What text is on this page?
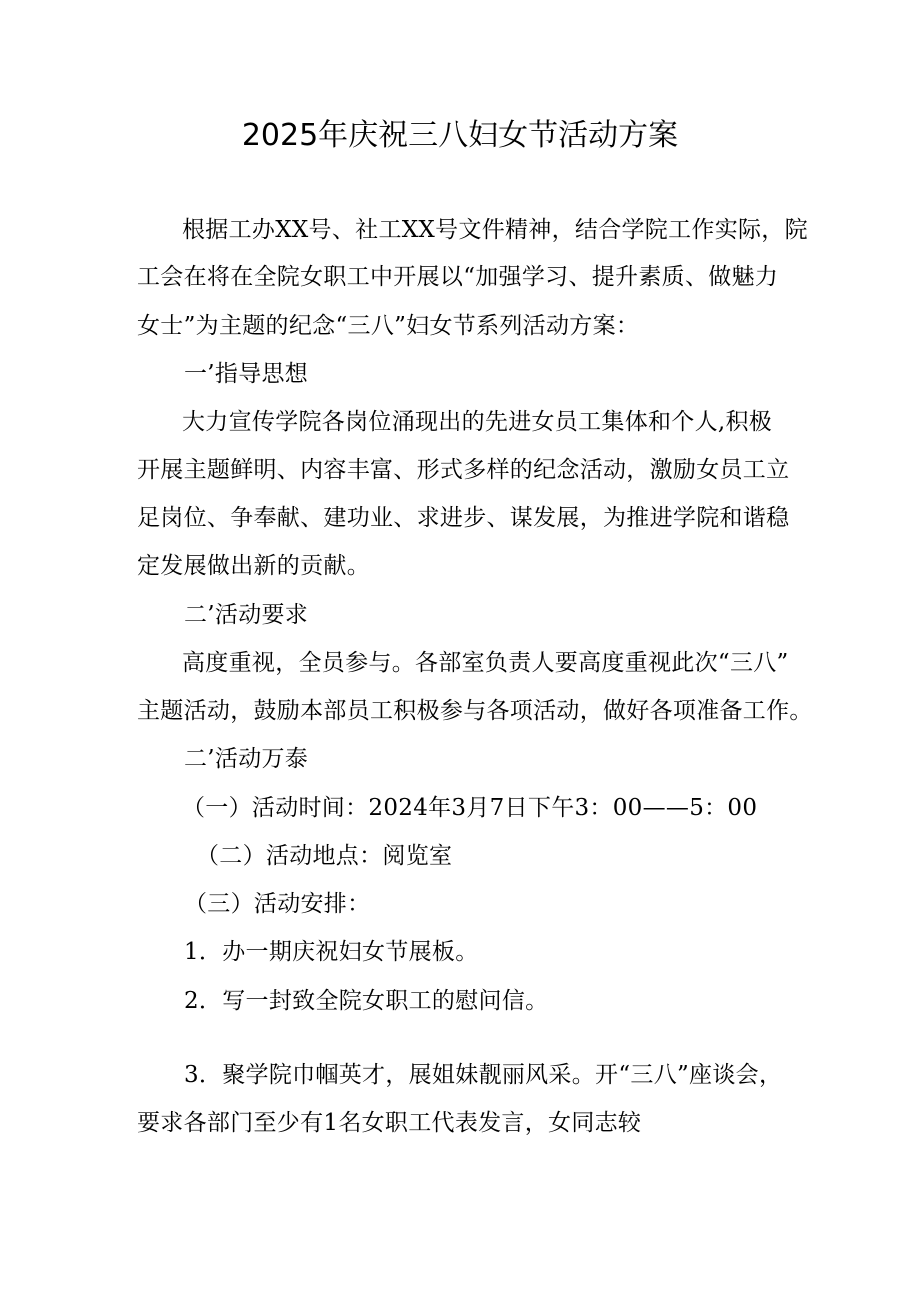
2025年庆祝三八妇女节活动方案
根据工办XX号、社工XX号文件精神，结合学院工作实际，院
工会在将在全院女职工中开展以“加强学习、提升素质、做魅力
女士”为主题的纪念“三八”妇女节系列活动方案：
一’指导思想
大力宣传学院各岗位涌现出的先进女员工集体和个人,积极
开展主题鲜明、内容丰富、形式多样的纪念活动，激励女员工立
足岗位、争奉献、建功业、求进步、谋发展，为推进学院和谐稳
定发展做出新的贡献。
二’活动要求
高度重视，全员参与。各部室负责人要高度重视此次“三八”
主题活动，鼓励本部员工积极参与各项活动，做好各项准备工作。
二’活动万泰
（一）活动时间：2024年3月7日下午3：00——5：00
（二）活动地点：阅览室
（三）活动安排：
1．办一期庆祝妇女节展板。
2．写一封致全院女职工的慰问信。
3．聚学院巾帼英才，展姐妹靓丽风采。开“三八”座谈会，
要求各部门至少有1名女职工代表发言，女同志较
